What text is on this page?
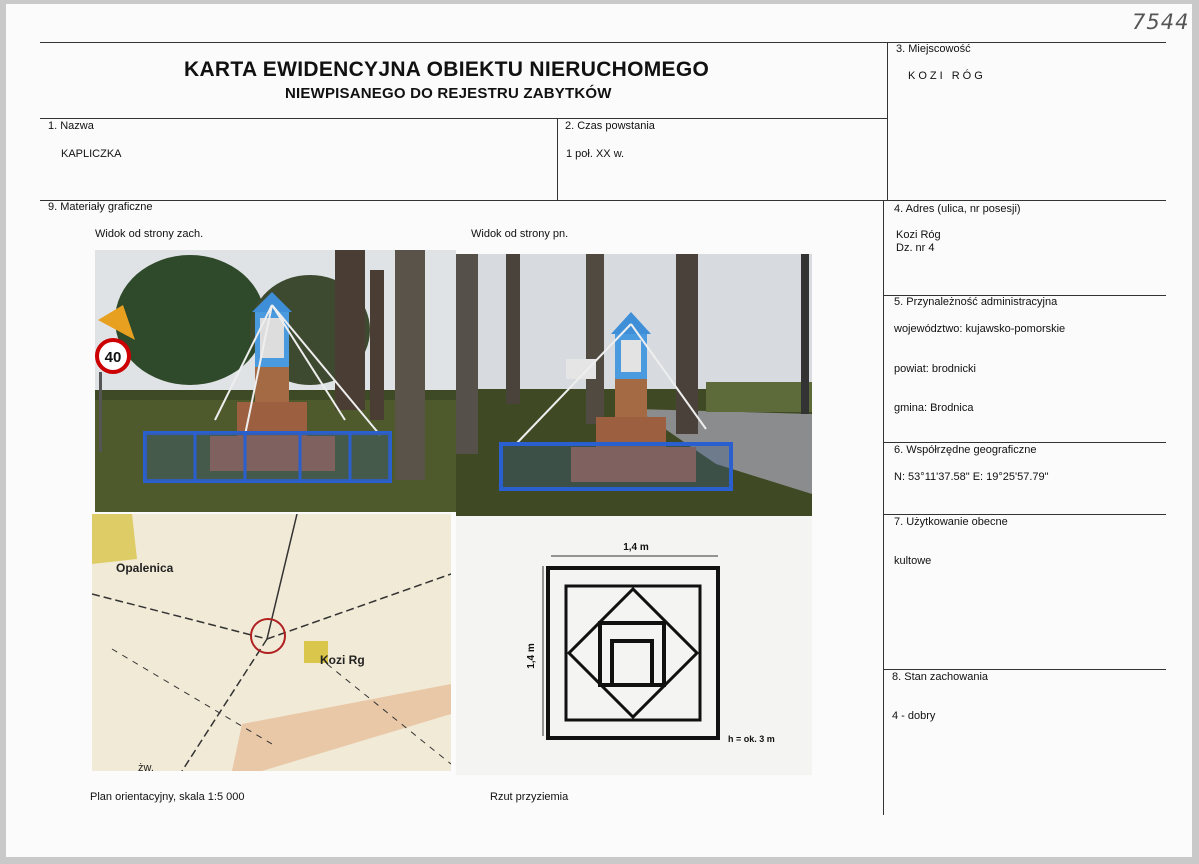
7544
KARTA EWIDENCYJNA OBIEKTU NIERUCHOMEGO
NIEWPISANEGO DO REJESTRU ZABYTKÓW
3. Miejscowość
KOZI RÓG
1. Nazwa
KAPLICZKA
2. Czas powstania
1 poł. XX w.
9. Materiały graficzne
Widok od strony zach.	Widok od strony pn.
Plan orientacyjny, skala 1:5 000	Rzut przyziemia
4. Adres (ulica, nr posesji)
Kozi Róg
Dz. nr 4
5. Przynależność administracyjna
województwo: kujawsko-pomorskie
powiat: brodnicki
gmina: Brodnica
6. Współrzędne geograficzne
N: 53°11'37.58" E: 19°25'57.79"
7. Użytkowanie obecne
kultowe
8. Stan zachowania
4 - dobry
40
Opalenica
Kozi Rg
żw.
1,4 m
1,4 m
h = ok. 3 m
